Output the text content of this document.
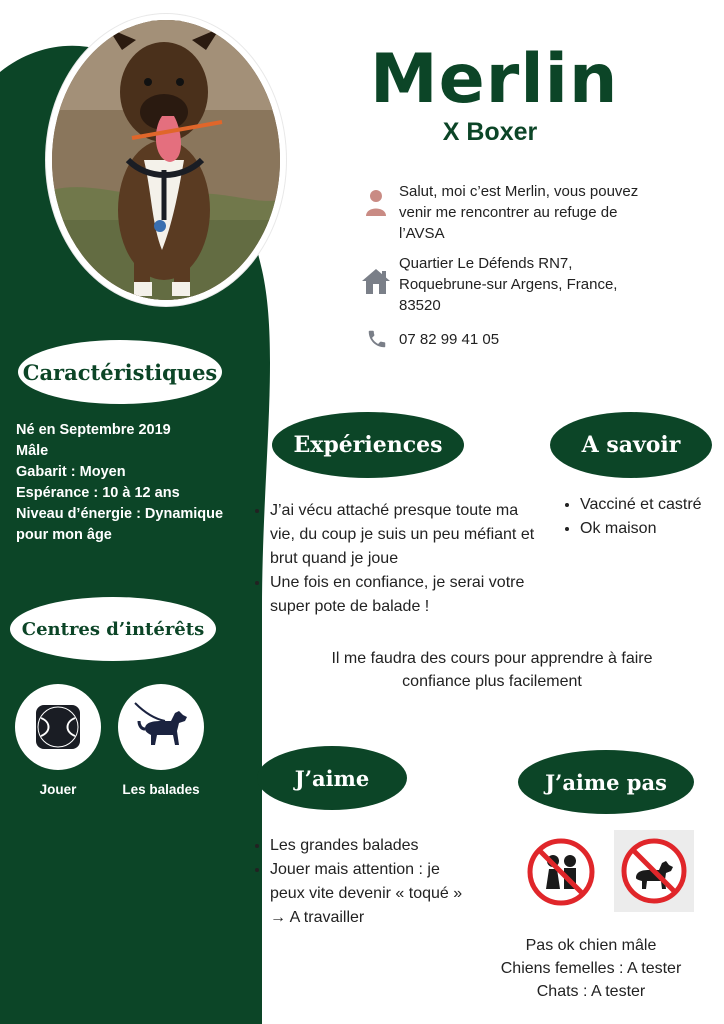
Merlin
X Boxer
Salut, moi c’est Merlin, vous pouvez venir me rencontrer au refuge de l’AVSA
Quartier Le Défends RN7, Roquebrune-sur Argens, France, 83520
07 82 99 41 05
Caractéristiques
Né en Septembre 2019
Mâle
Gabarit : Moyen
Espérance : 10 à 12 ans
Niveau d’énergie : Dynamique pour mon âge
Centres d’intérêts
Jouer	Les balades
Expériences
• J’ai vécu attaché presque toute ma vie, du coup je suis un peu méfiant et brut quand je joue
• Une fois en confiance, je serai votre super pote de balade !
A savoir
• Vacciné et castré
• Ok maison
Il me faudra des cours pour apprendre à faire confiance plus facilement
J’aime
• Les grandes balades
• Jouer mais attention : je peux vite devenir « toqué » → A travailler
J’aime pas
Pas ok chien mâle
Chiens femelles : A tester
Chats : A tester
